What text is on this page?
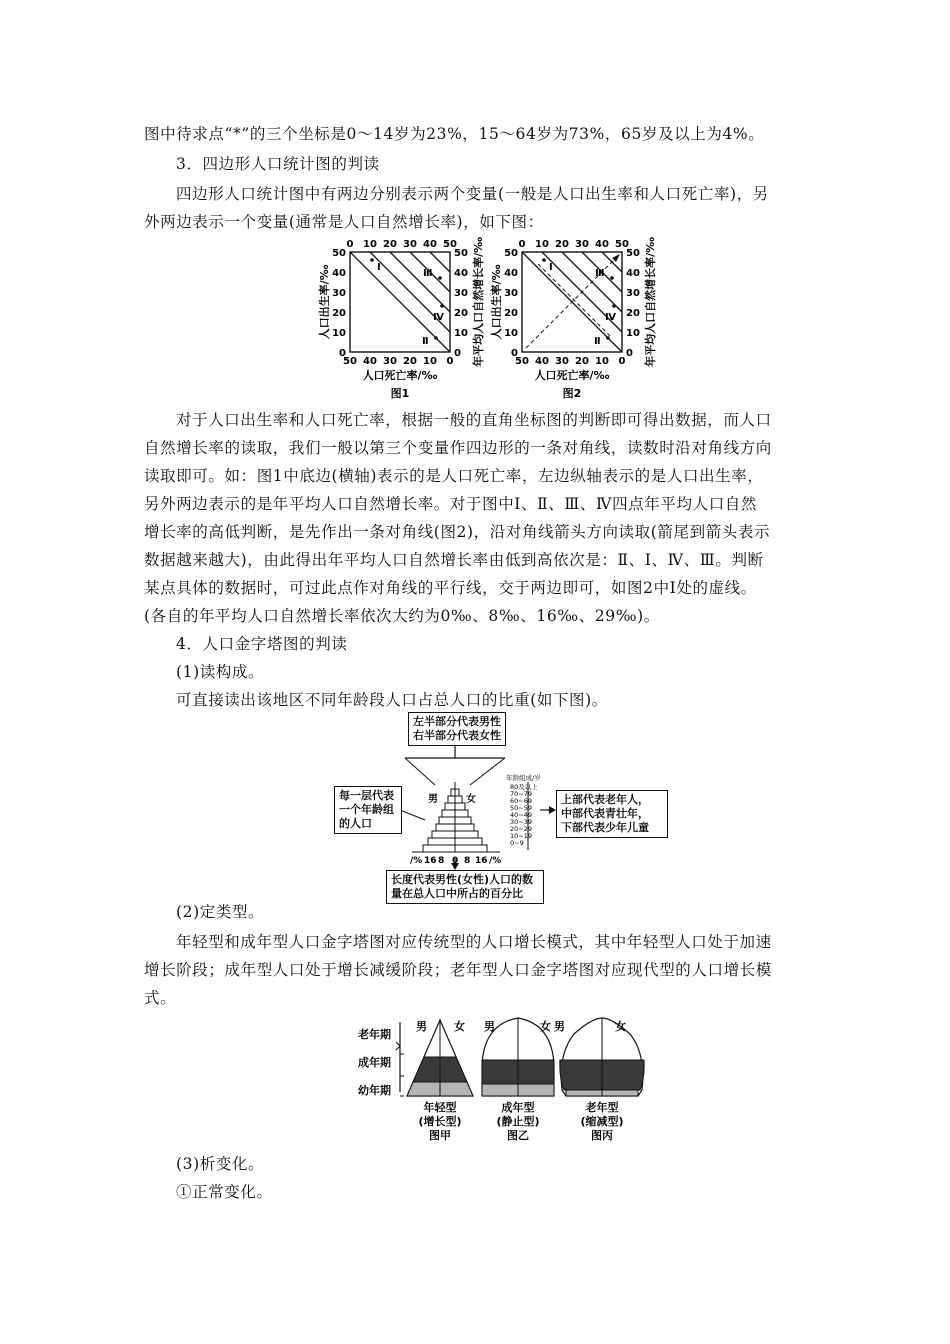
图中待求点“*”的三个坐标是0～14岁为23%，15～64岁为73%，65岁及以上为4%。
3．四边形人口统计图的判读
四边形人口统计图中有两边分别表示两个变量(一般是人口出生率和人口死亡率)，另
外两边表示一个变量(通常是人口自然增长率)，如下图：
0 10 20 30 40 50
50 40 30 20 10 0
50
40
30
20
10
0
50
40
30
20
10
0
人口出生率/‰	年平均人口自然增长率/‰
人口死亡率/‰
图1
Ⅰ
Ⅱ
Ⅲ
Ⅳ
0 10 20 30 40 50
50 40 30 20 10 0
50
40
30
20
10
0
50
40
30
20
10
0
人口出生率/‰	年平均人口自然增长率/‰
人口死亡率/‰
图2
Ⅰ
Ⅱ
Ⅲ
Ⅳ
对于人口出生率和人口死亡率，根据一般的直角坐标图的判断即可得出数据，而人口
自然增长率的读取，我们一般以第三个变量作四边形的一条对角线，读数时沿对角线方向
读取即可。如：图1中底边(横轴)表示的是人口死亡率，左边纵轴表示的是人口出生率，
另外两边表示的是年平均人口自然增长率。对于图中Ⅰ、Ⅱ、Ⅲ、Ⅳ四点年平均人口自然
增长率的高低判断，是先作出一条对角线(图2)，沿对角线箭头方向读取(箭尾到箭头表示
数据越来越大)，由此得出年平均人口自然增长率由低到高依次是：Ⅱ、Ⅰ、Ⅳ、Ⅲ。判断
某点具体的数据时，可过此点作对角线的平行线，交于两边即可，如图2中Ⅰ处的虚线。
(各自的年平均人口自然增长率依次大约为0‰、8‰、16‰、29‰)。
4．人口金字塔图的判读
(1)读构成。
可直接读出该地区不同年龄段人口占总人口的比重(如下图)。
/% 16 8 0 8 16 /%
男	女
年龄组成/岁
80及以上
70~79
60~69
50~59
40~49
30~39
20~29
10~19
0~9
左半部分代表男性
右半部分代表女性
每一层代表
一个年龄组
的人口
上部代表老年人，
中部代表青壮年，
下部代表少年儿童
长度代表男性(女性)人口的数
量在总人口中所占的百分比
(2)定类型。
年轻型和成年型人口金字塔图对应传统型的人口增长模式，其中年轻型人口处于加速
增长阶段；成年型人口处于增长减缓阶段；老年型人口金字塔图对应现代型的人口增长模
式。
老年期
成年期
幼年期
男 女 男	女 男	女
年轻型
(增长型)
图甲
成年型
(静止型)
图乙
老年型
(缩减型)
图丙
(3)析变化。
①正常变化。
